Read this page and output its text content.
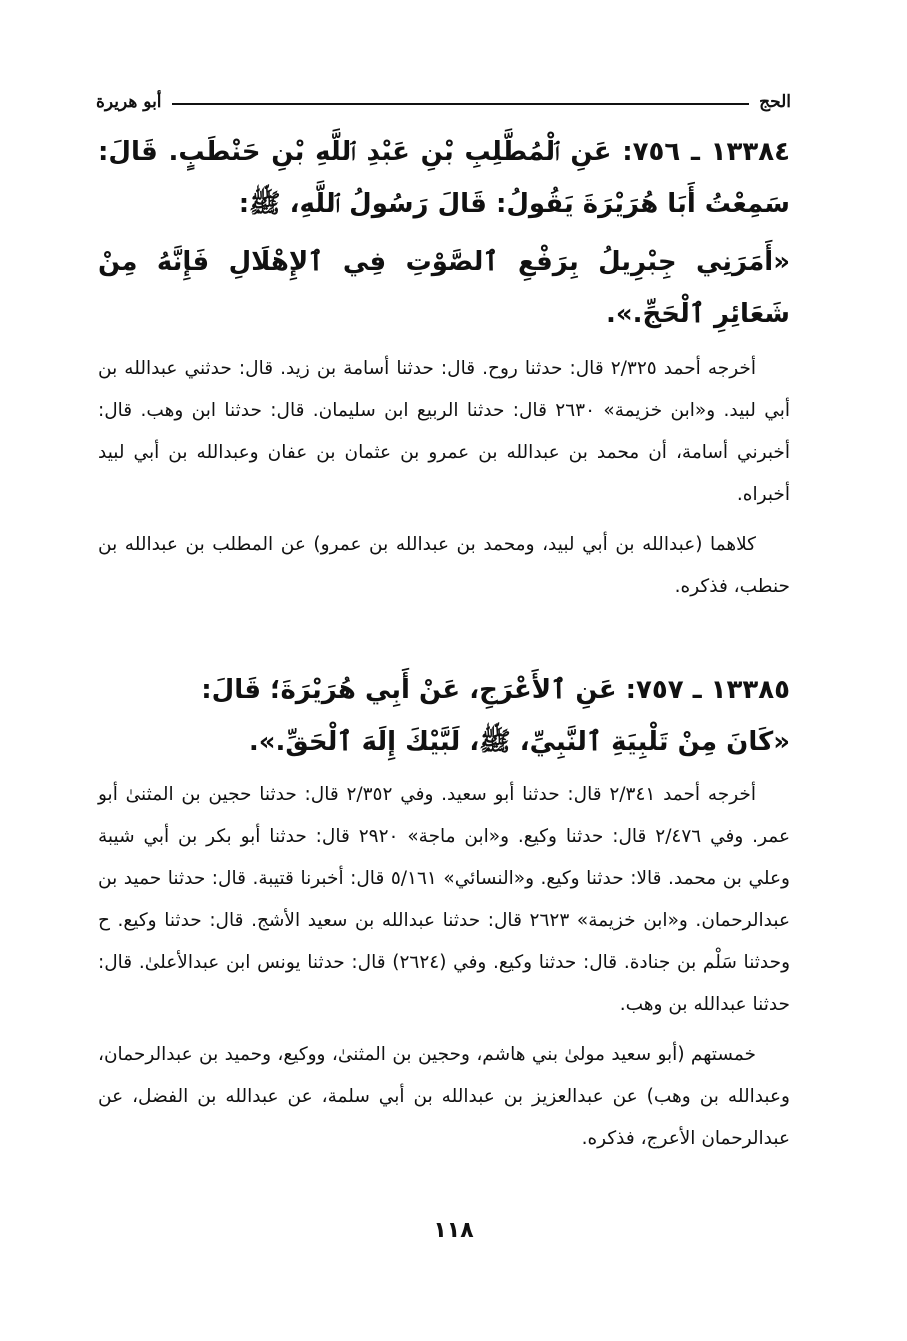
الحج
أبو هريرة

١٣٣٨٤ ـ ٧٥٦: عَنِ ٱلْمُطَّلِبِ بْنِ عَبْدِ ٱللَّهِ بْنِ حَنْطَبٍ. قَالَ: سَمِعْتُ أَبَا هُرَيْرَةَ يَقُولُ: قَالَ رَسُولُ ٱللَّهِ، ﷺ:

«أَمَرَنِي جِبْرِيلُ بِرَفْعِ ٱلصَّوْتِ فِي ٱلإِهْلَالِ فَإِنَّهُ مِنْ شَعَائِرِ ٱلْحَجِّ.».

أخرجه أحمد ٢/٣٢٥ قال: حدثنا روح. قال: حدثنا أسامة بن زيد. قال: حدثني عبدالله بن أبي لبيد. و«ابن خزيمة» ٢٦٣٠ قال: حدثنا الربيع ابن سليمان. قال: حدثنا ابن وهب. قال: أخبرني أسامة، أن محمد بن عبدالله بن عمرو بن عثمان بن عفان وعبدالله بن أبي لبيد أخبراه.

كلاهما (عبدالله بن أبي لبيد، ومحمد بن عبدالله بن عمرو) عن المطلب بن عبدالله بن حنطب، فذكره.

١٣٣٨٥ ـ ٧٥٧: عَنِ ٱلأَعْرَجِ، عَنْ أَبِي هُرَيْرَةَ؛ قَالَ:

«كَانَ مِنْ تَلْبِيَةِ ٱلنَّبِيِّ، ﷺ، لَبَّيْكَ إِلَهَ ٱلْحَقِّ.».

أخرجه أحمد ٢/٣٤١ قال: حدثنا أبو سعيد. وفي ٢/٣٥٢ قال: حدثنا حجين بن المثنىٰ أبو عمر. وفي ٢/٤٧٦ قال: حدثنا وكيع. و«ابن ماجة» ٢٩٢٠ قال: حدثنا أبو بكر بن أبي شيبة وعلي بن محمد. قالا: حدثنا وكيع. و«النسائي» ٥/١٦١ قال: أخبرنا قتيبة. قال: حدثنا حميد بن عبدالرحمان. و«ابن خزيمة» ٢٦٢٣ قال: حدثنا عبدالله بن سعيد الأشج. قال: حدثنا وكيع. ح وحدثنا سَلْم بن جنادة. قال: حدثنا وكيع. وفي (٢٦٢٤) قال: حدثنا يونس ابن عبدالأعلىٰ. قال: حدثنا عبدالله بن وهب.

خمستهم (أبو سعيد مولىٰ بني هاشم، وحجين بن المثنىٰ، ووكيع، وحميد بن عبدالرحمان، وعبدالله بن وهب) عن عبدالعزيز بن عبدالله بن أبي سلمة، عن عبدالله بن الفضل، عن عبدالرحمان الأعرج، فذكره.

١١٨
